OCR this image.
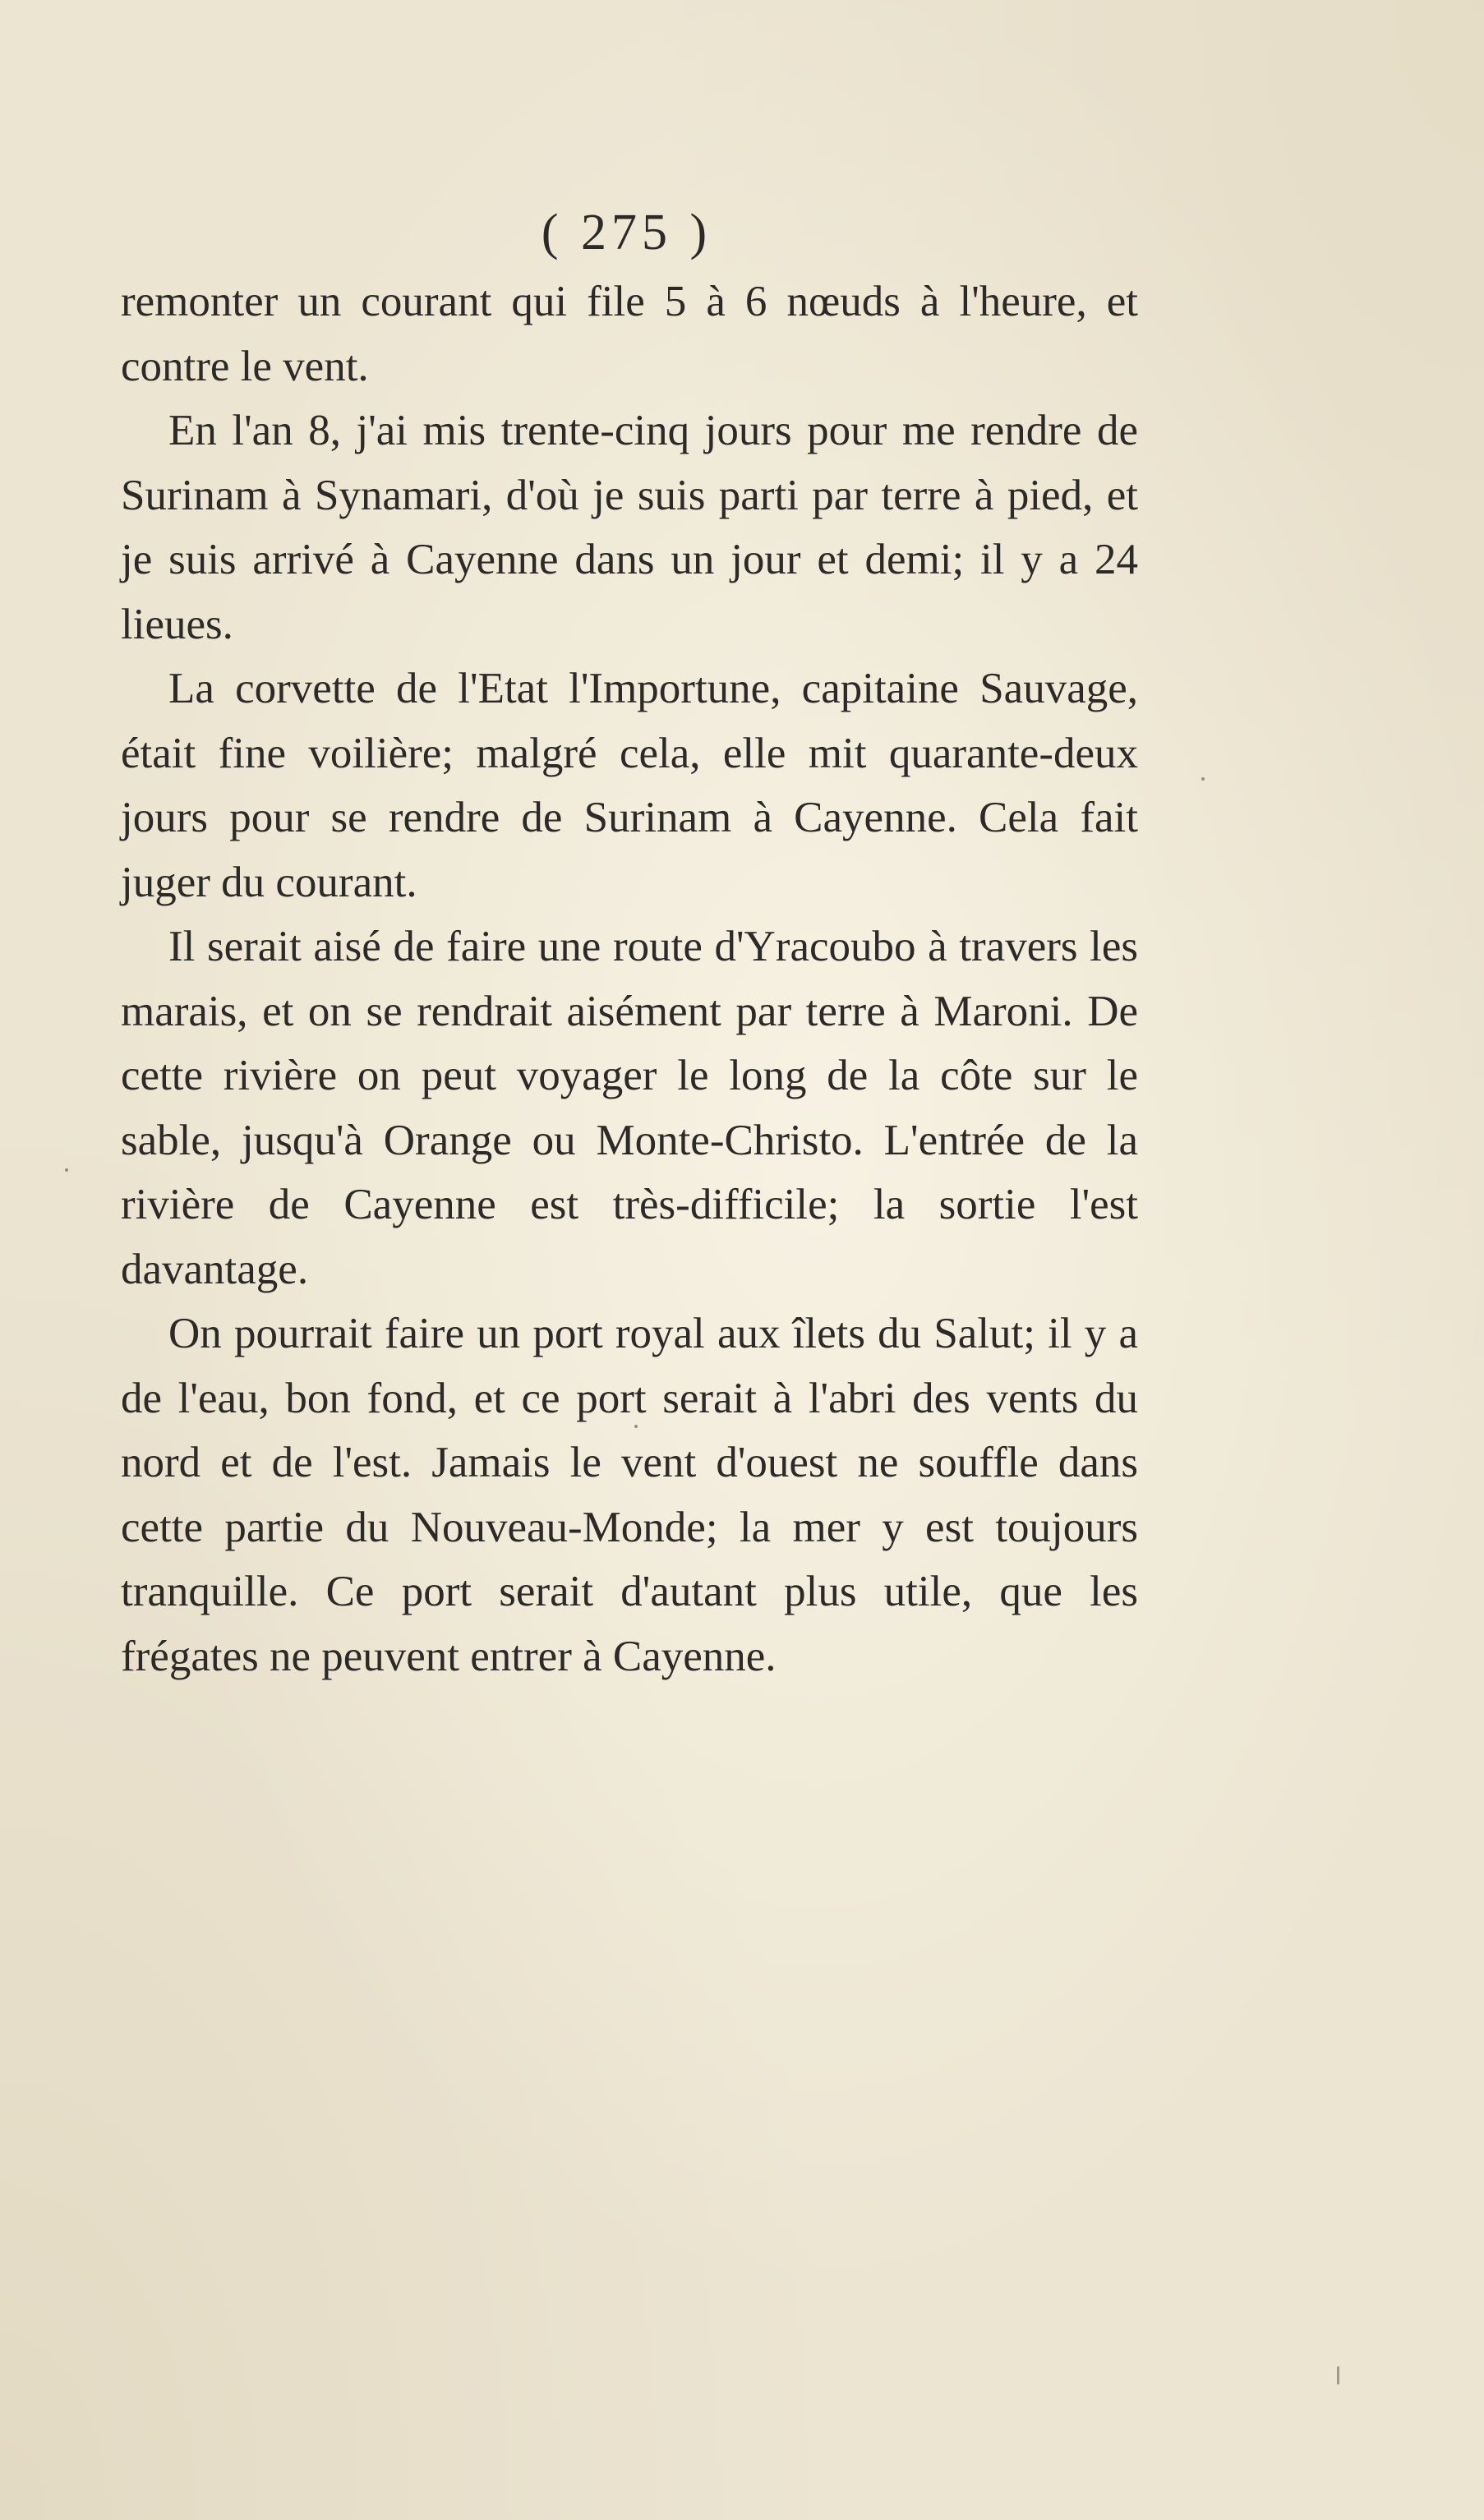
( 275 )

remonter un courant qui file 5 à 6 nœuds à l'heure, et contre le vent.

En l'an 8, j'ai mis trente-cinq jours pour me rendre de Surinam à Synamari, d'où je suis parti par terre à pied, et je suis arrivé à Cayenne dans un jour et demi; il y a 24 lieues.

La corvette de l'Etat l'Importune, capitaine Sauvage, était fine voilière; malgré cela, elle mit quarante-deux jours pour se rendre de Surinam à Cayenne. Cela fait juger du courant.

Il serait aisé de faire une route d'Yracoubo à travers les marais, et on se rendrait aisément par terre à Maroni. De cette rivière on peut voyager le long de la côte sur le sable, jusqu'à Orange ou Monte-Christo. L'entrée de la rivière de Cayenne est très-difficile; la sortie l'est davantage.

On pourrait faire un port royal aux îlets du Salut; il y a de l'eau, bon fond, et ce port serait à l'abri des vents du nord et de l'est. Jamais le vent d'ouest ne souffle dans cette partie du Nouveau-Monde; la mer y est toujours tranquille. Ce port serait d'autant plus utile, que les frégates ne peuvent entrer à Cayenne.
